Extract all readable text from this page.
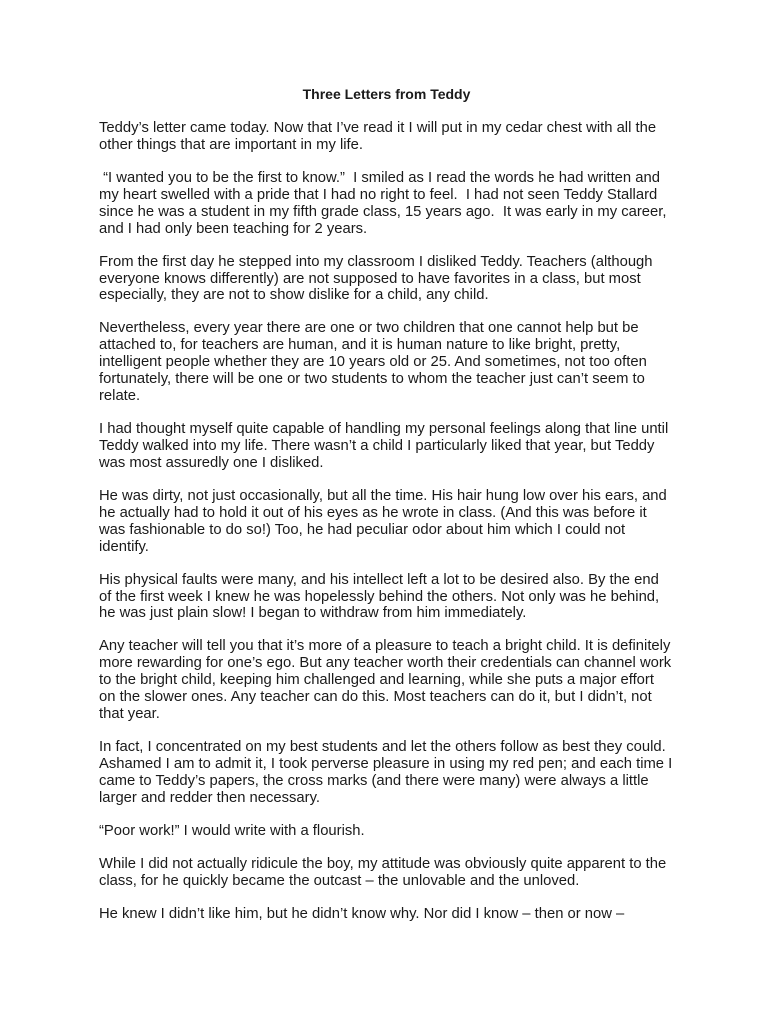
Three Letters from Teddy

Teddy’s letter came today. Now that I’ve read it I will put in my cedar chest with all the other things that are important in my life.

“I wanted you to be the first to know.”  I smiled as I read the words he had written and my heart swelled with a pride that I had no right to feel.  I had not seen Teddy Stallard since he was a student in my fifth grade class, 15 years ago.  It was early in my career, and I had only been teaching for 2 years.

From the first day he stepped into my classroom I disliked Teddy. Teachers (although everyone knows differently) are not supposed to have favorites in a class, but most especially, they are not to show dislike for a child, any child.

Nevertheless, every year there are one or two children that one cannot help but be attached to, for teachers are human, and it is human nature to like bright, pretty, intelligent people whether they are 10 years old or 25. And sometimes, not too often fortunately, there will be one or two students to whom the teacher just can’t seem to relate.

I had thought myself quite capable of handling my personal feelings along that line until Teddy walked into my life. There wasn’t a child I particularly liked that year, but Teddy was most assuredly one I disliked.

He was dirty, not just occasionally, but all the time. His hair hung low over his ears, and he actually had to hold it out of his eyes as he wrote in class. (And this was before it was fashionable to do so!) Too, he had peculiar odor about him which I could not identify.

His physical faults were many, and his intellect left a lot to be desired also. By the end of the first week I knew he was hopelessly behind the others. Not only was he behind, he was just plain slow! I began to withdraw from him immediately.

Any teacher will tell you that it’s more of a pleasure to teach a bright child. It is definitely more rewarding for one’s ego. But any teacher worth their credentials can channel work to the bright child, keeping him challenged and learning, while she puts a major effort on the slower ones. Any teacher can do this. Most teachers can do it, but I didn’t, not that year.

In fact, I concentrated on my best students and let the others follow as best they could. Ashamed I am to admit it, I took perverse pleasure in using my red pen; and each time I came to Teddy’s papers, the cross marks (and there were many) were always a little larger and redder then necessary.

“Poor work!” I would write with a flourish.

While I did not actually ridicule the boy, my attitude was obviously quite apparent to the class, for he quickly became the outcast – the unlovable and the unloved.

He knew I didn’t like him, but he didn’t know why. Nor did I know – then or now –
